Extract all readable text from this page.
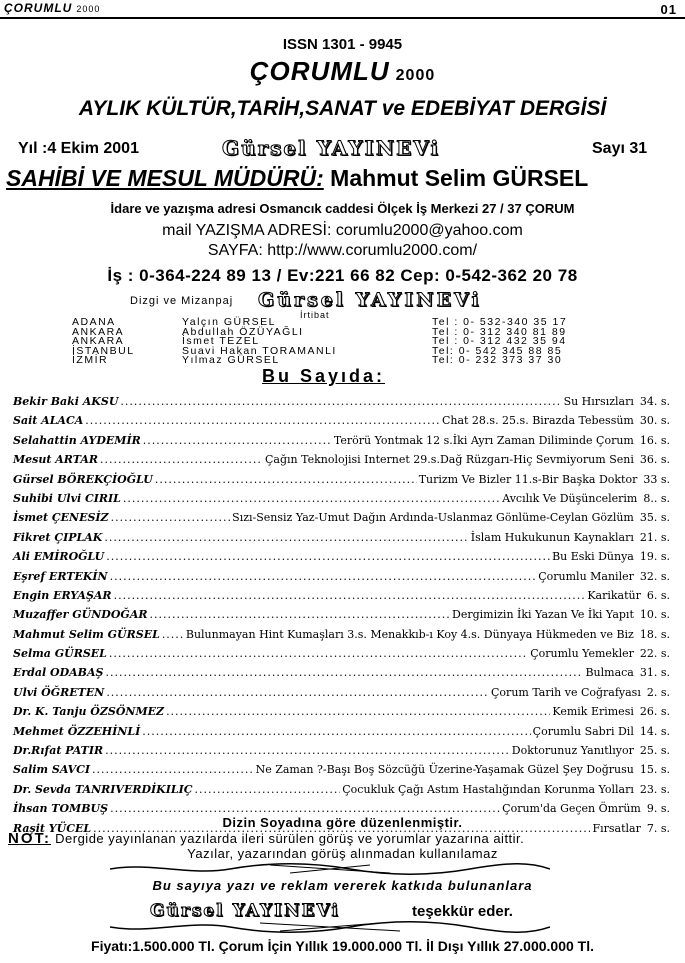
ÇORUMLU 2000	01
ISSN 1301 - 9945
ÇORUMLU 2000
AYLIK KÜLTÜR,TARİH,SANAT ve EDEBİYAT DERGİSİ
Yıl :4 Ekim 2001	Gürsel YAYINEVi	Sayı 31
SAHİBİ VE MESUL MÜDÜRÜ: Mahmut Selim GÜRSEL
İdare ve yazışma adresi Osmancık caddesi Ölçek İş Merkezi 27 / 37 ÇORUM
mail YAZIŞMA ADRESİ: corumlu2000@yahoo.com
SAYFA: http://www.corumlu2000.com/
İş : 0-364-224 89 13 / Ev:221 66 82 Cep: 0-542-362 20 78
Dizgi ve Mizanpaj Gürsel YAYINEVi
İrtibat
ADANA	Yalçın GÜRSEL	Tel : 0- 532-340 35 17
ANKARA	Abdullah ÖZÜYAĞLI	Tel : 0- 312 340 81 89
ANKARA	İsmet TEZEL	Tel : 0- 312 432 35 94
İSTANBUL	Suavi Hakan TORAMANLI	Tel: 0- 542 345 88 85
İZMİR	Yılmaz GÜRSEL	Tel: 0- 232 373 37 30
Bu Sayıda:
Bekir Baki AKSU .....	Su Hırsızları 34. s.
Sait ALACA .....	Chat 28.s. 25.s. Birazda Tebessüm 30. s.
Selahattin AYDEMİR .....	Terörü Yontmak 12 s.İki Ayrı Zaman Diliminde Çorum 16. s.
Mesut ARTAR .....	Çağın Teknolojisi Internet 29.s.Dağ Rüzgarı-Hiç Sevmiyorum Seni 36. s.
Gürsel BÖREKÇİOĞLU .....	Turizm Ve Bizler 11.s-Bir Başka Doktor 33 s.
Suhibi Ulvi CIRIL .....	Avcılık Ve Düşüncelerim 8.. s.
İsmet ÇENESİZ .....	Sızı-Sensiz Yaz-Umut Dağın Ardında-Uslanmaz Gönlüme-Ceylan Gözlüm 35. s.
Fikret ÇIPLAK .....	İslam Hukukunun Kaynakları 21. s.
Ali EMİROĞLU .....	Bu Eski Dünya 19. s.
Eşref ERTEKİN .....	Çorumlu Maniler 32. s.
Engin ERYAŞAR .....	Karikatür 6. s.
Muzaffer GÜNDOĞAR .....	Dergimizin İki Yazan Ve İki Yapıt 10. s.
Mahmut Selim GÜRSEL ..... Bulunmayan Hint Kumaşları 3.s. Menakkıb-ı Koy 4.s. Dünyaya Hükmeden ve Biz 18. s.
Selma GÜRSEL .....	Çorumlu Yemekler 22. s.
Erdal ODABAŞ .....	Bulmaca 31. s.
Ulvi ÖĞRETEN .....	Çorum Tarih ve Coğrafyası 2. s.
Dr. K. Tanju ÖZSÖNMEZ .....	Kemik Erimesi 26. s.
Mehmet ÖZZEHİNLİ .....	Çorumlu Sabri Dil 14. s.
Dr.Rıfat PATIR .....	Doktorunuz Yanıtlıyor 25. s.
Salim SAVCI .....	Ne Zaman ?-Başı Boş Sözcüğü Üzerine-Yaşamak Güzel Şey Doğrusu 15. s.
Dr. Sevda TANRIVERDİKILIÇ .....	Çocukluk Çağı Astım Hastalığından Korunma Yolları 23. s.
İhsan TOMBUŞ .....	Çorum'da Geçen Ömrüm 9. s.
Raşit YÜCEL .....	Fırsatlar 7. s.
Dizin Soyadına göre düzenlenmiştir.
NOT: Dergide yayınlanan yazılarda ileri sürülen görüş ve yorumlar yazarına aittir.
Yazılar, yazarından görüş alınmadan kullanılamaz
Bu sayıya yazı ve reklam vererek katkıda bulunanlara
Gürsel YAYINEVi	teşekkür eder.
Fiyatı:1.500.000 Tl. Çorum İçin Yıllık 19.000.000 Tl. İl Dışı Yıllık 27.000.000 Tl.
